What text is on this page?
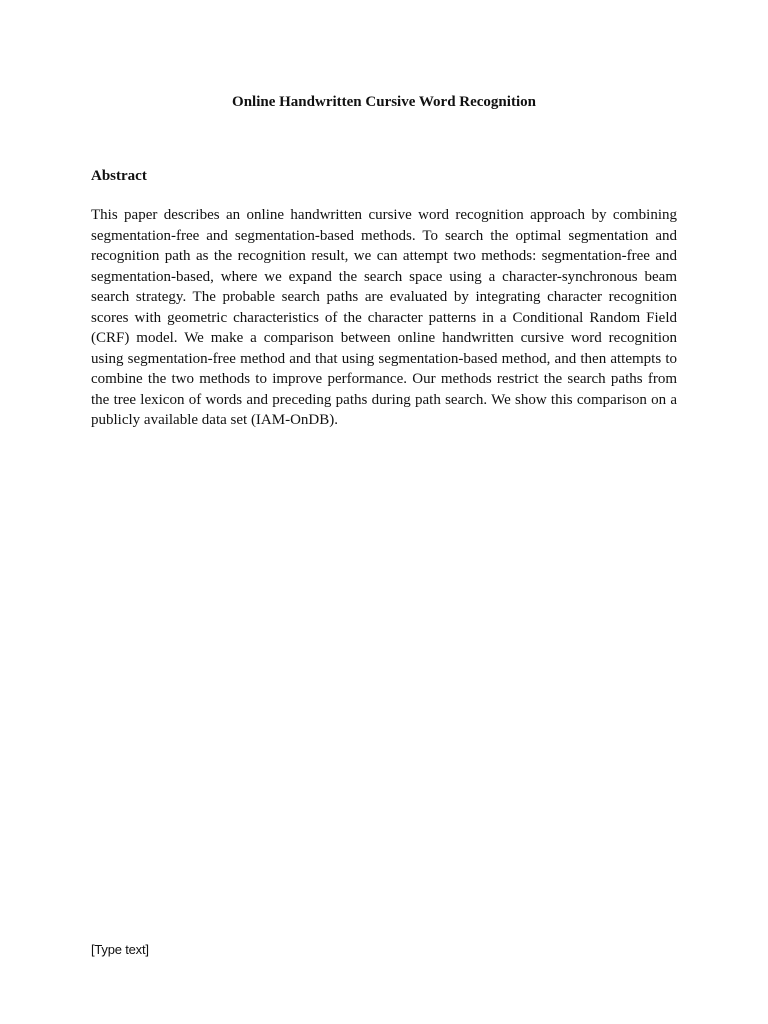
Online Handwritten Cursive Word Recognition
Abstract

This paper describes an online handwritten cursive word recognition approach by combining segmentation-free and segmentation-based methods. To search the optimal segmentation and recognition path as the recognition result, we can attempt two methods: segmentation-free and segmentation-based, where we expand the search space using a character-synchronous beam search strategy. The probable search paths are evaluated by integrating character recognition scores with geometric characteristics of the character patterns in a Conditional Random Field (CRF) model. We make a comparison between online handwritten cursive word recognition using segmentation-free method and that using segmentation-based method, and then attempts to combine the two methods to improve performance. Our methods restrict the search paths from the tree lexicon of words and preceding paths during path search. We show this comparison on a publicly available data set (IAM-OnDB).

[Type text]
